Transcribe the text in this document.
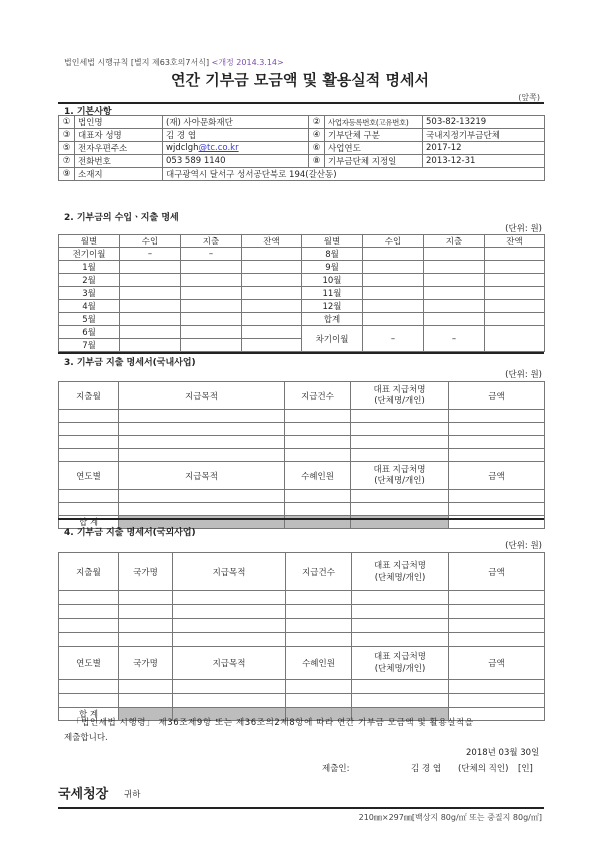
법인세법 시행규칙 [별지 제63호의7서식] <개정 2014.3.14>
연간 기부금 모금액 및 활용실적 명세서
(앞쪽)
1. 기본사항
①	법인명	(재) 사아문화재단	②	사업자등록번호(고유번호)	503-82-13219
③	대표자 성명	김 경 엽	④	기부단체 구분	국내지정기부금단체
⑤	전자우편주소	wjdclgh@tc.co.kr	⑥	사업연도	2017-12
⑦	전화번호	053 589 1140	⑧	기부금단체 지정일	2013-12-31
⑨	소재지	대구광역시 달서구 성서공단북로 194(갈산동)			
2. 기부금의 수입ㆍ지출 명세
(단위: 원)
월별	수입	지출	잔액	월별	수입	지출	잔액
전기이월	–	–		8월			
1월				9월			
2월				10월			
3월				11월			
4월				12월			
5월				합계			
6월				차기이월	–	–	
7월							
3. 기부금 지출 명세서(국내사업)
(단위: 원)
지출월	지급목적	지급건수	대표 지급처명
(단체명/개인)	금액

연도별	지급목적	수혜인원	대표 지급처명
(단체명/개인)	금액

합 계				
4. 기부금 지출 명세서(국외사업)
(단위: 원)
지출월	국가명	지급목적	지급건수	대표 지급처명
(단체명/개인)	금액

연도별	국가명	지급목적	수혜인원	대표 지급처명
(단체명/개인)	금액

합 계					
「법인세법 시행령」 제36조제9항 또는 제36조의2제8항에 따라 연간 기부금 모금액 및 활용실적을
제출합니다.
2018년 03월 30일
제출인:	김 경 엽 (단체의 직인) [인]
국세청장 귀하
210㎜×297㎜[백상지 80g/㎡ 또는 중질지 80g/㎡]
